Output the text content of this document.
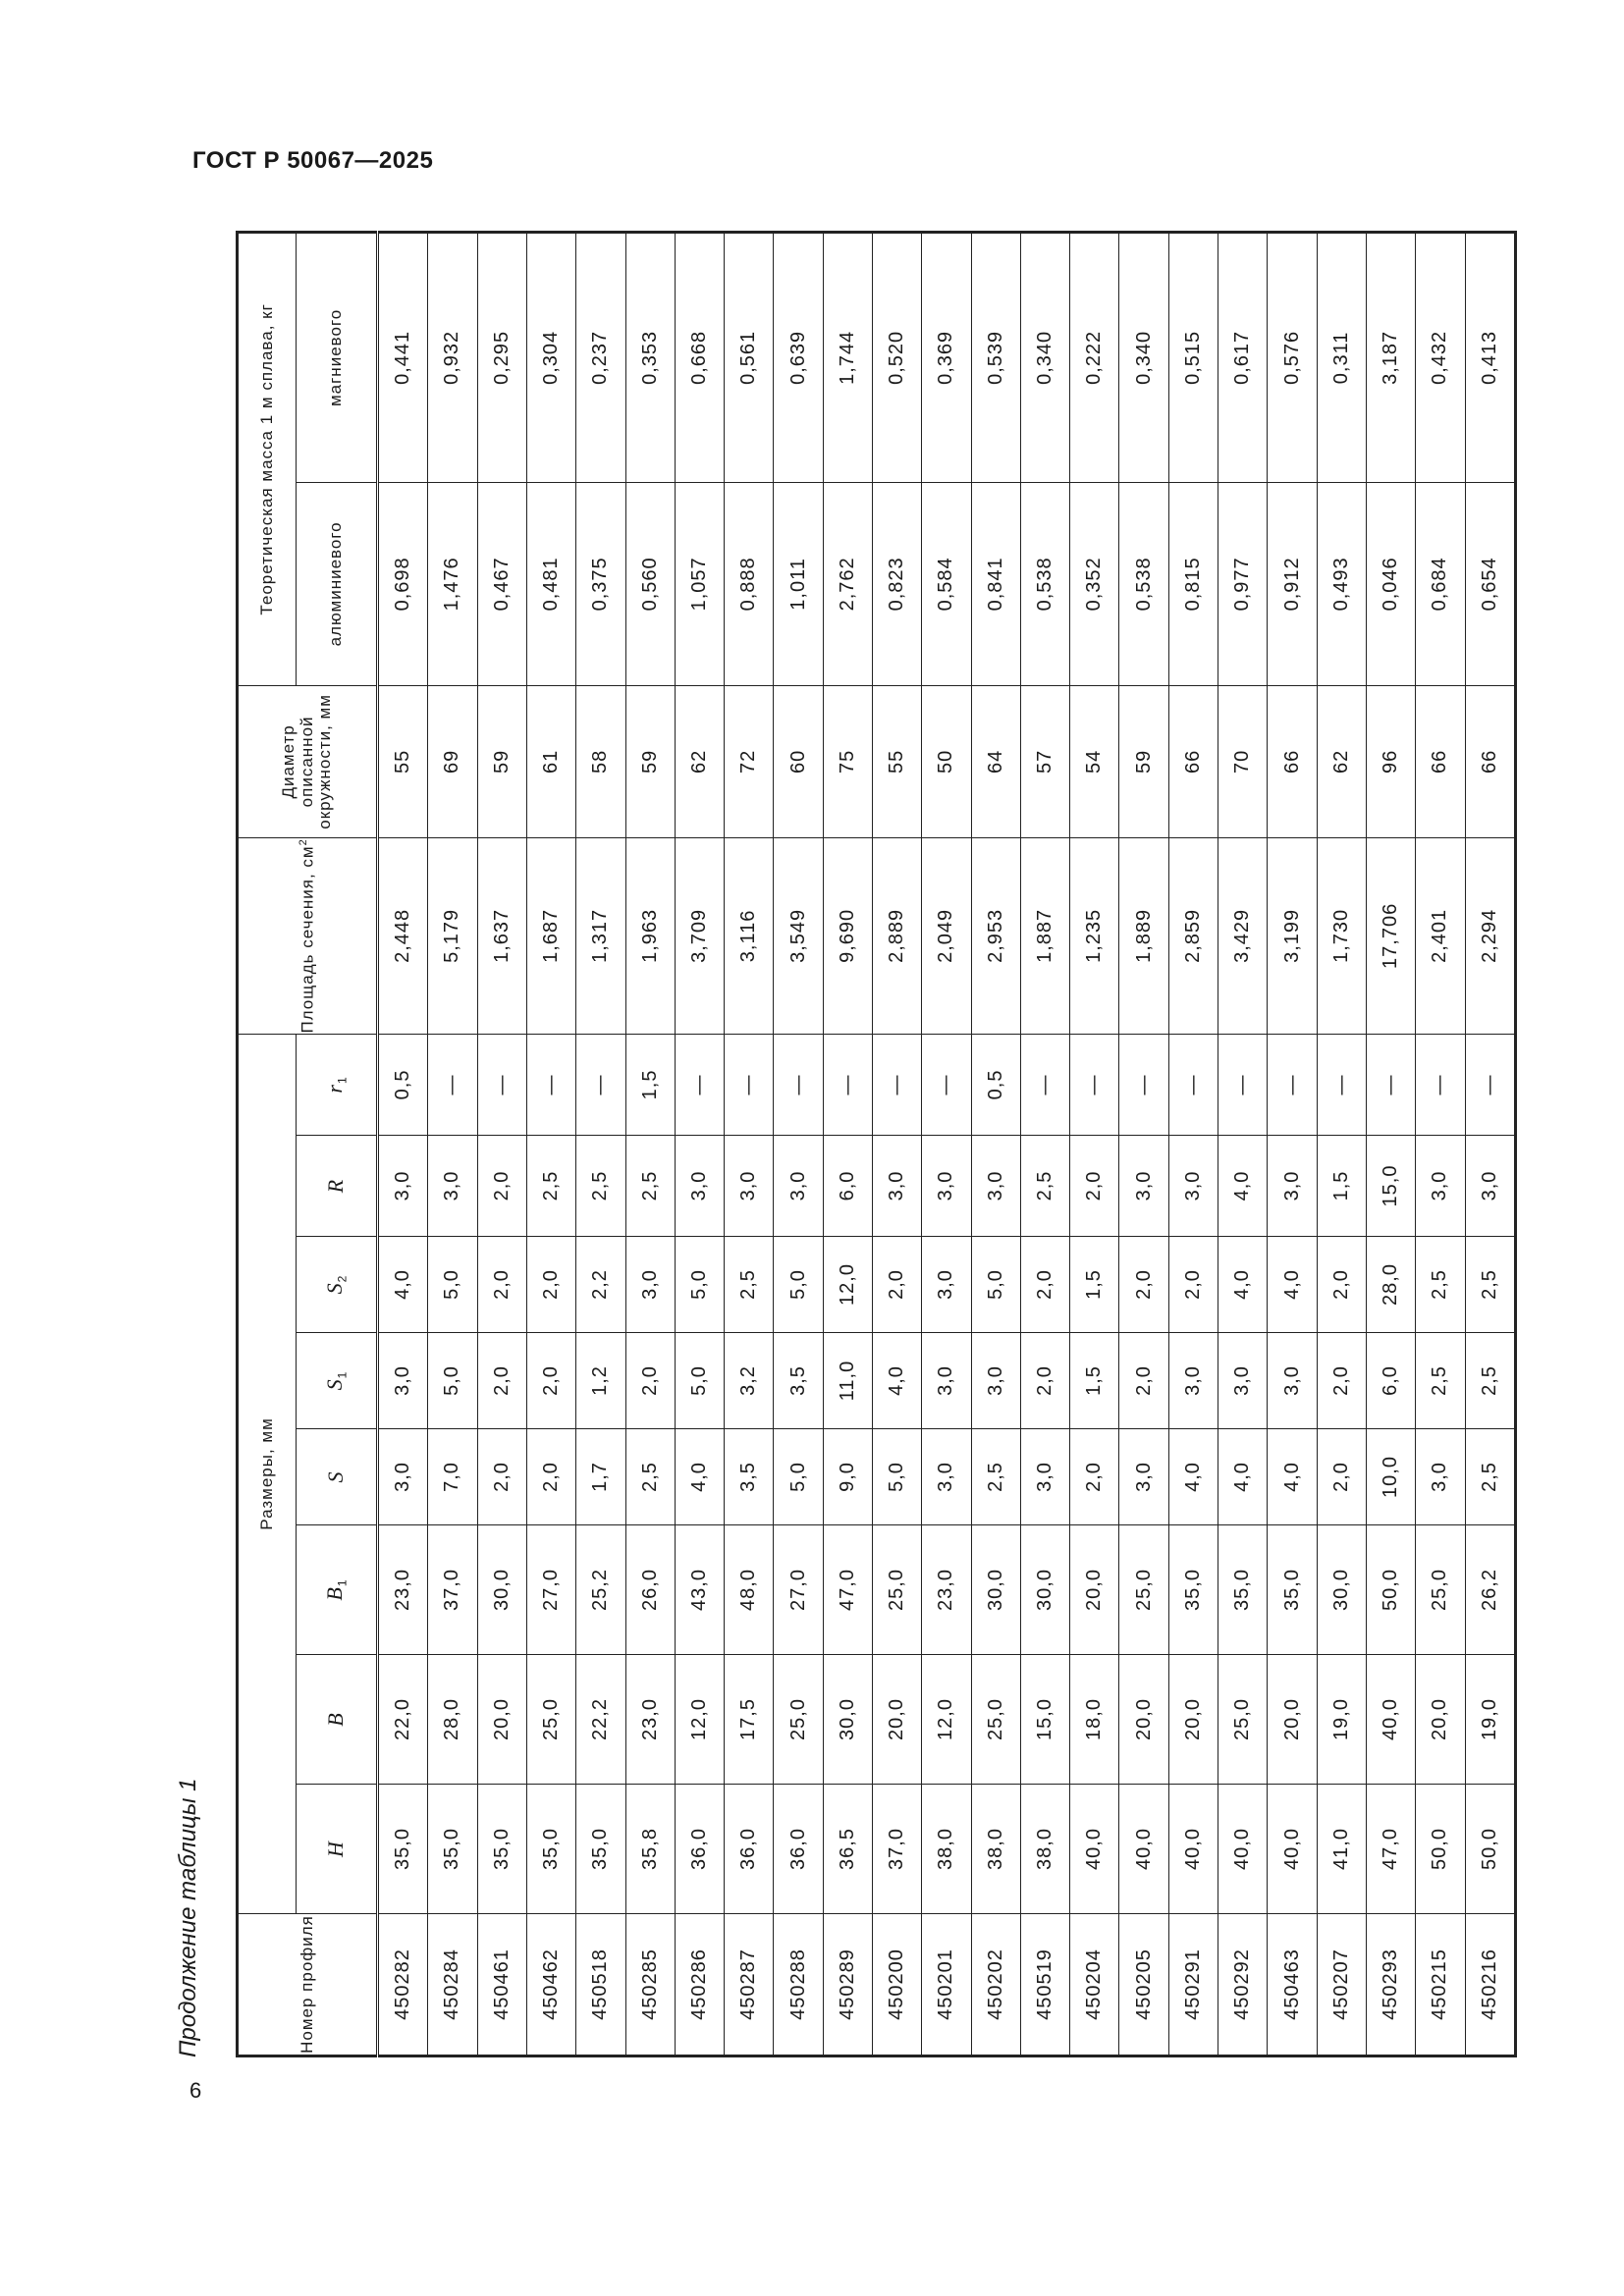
ГОСТ Р 50067—2025
Продолжение таблицы 1
6
Номер профиля	Размеры, мм								Площадь сечения, $см^2$	Диаметр описанной окружности, мм	Теоретическая масса 1 м сплава, кг	
	H	B	$B_1$	S	$S_1$	$S_2$	R	$r_1$			алюминиевого	магниевого
450282	35,0	22,0	23,0	3,0	3,0	4,0	3,0	0,5	2,448	55	0,698	0,441
450284	35,0	28,0	37,0	7,0	5,0	5,0	3,0	—	5,179	69	1,476	0,932
450461	35,0	20,0	30,0	2,0	2,0	2,0	2,0	—	1,637	59	0,467	0,295
450462	35,0	25,0	27,0	2,0	2,0	2,0	2,5	—	1,687	61	0,481	0,304
450518	35,0	22,2	25,2	1,7	1,2	2,2	2,5	—	1,317	58	0,375	0,237
450285	35,8	23,0	26,0	2,5	2,0	3,0	2,5	1,5	1,963	59	0,560	0,353
450286	36,0	12,0	43,0	4,0	5,0	5,0	3,0	—	3,709	62	1,057	0,668
450287	36,0	17,5	48,0	3,5	3,2	2,5	3,0	—	3,116	72	0,888	0,561
450288	36,0	25,0	27,0	5,0	3,5	5,0	3,0	—	3,549	60	1,011	0,639
450289	36,5	30,0	47,0	9,0	11,0	12,0	6,0	—	9,690	75	2,762	1,744
450200	37,0	20,0	25,0	5,0	4,0	2,0	3,0	—	2,889	55	0,823	0,520
450201	38,0	12,0	23,0	3,0	3,0	3,0	3,0	—	2,049	50	0,584	0,369
450202	38,0	25,0	30,0	2,5	3,0	5,0	3,0	0,5	2,953	64	0,841	0,539
450519	38,0	15,0	30,0	3,0	2,0	2,0	2,5	—	1,887	57	0,538	0,340
450204	40,0	18,0	20,0	2,0	1,5	1,5	2,0	—	1,235	54	0,352	0,222
450205	40,0	20,0	25,0	3,0	2,0	2,0	3,0	—	1,889	59	0,538	0,340
450291	40,0	20,0	35,0	4,0	3,0	2,0	3,0	—	2,859	66	0,815	0,515
450292	40,0	25,0	35,0	4,0	3,0	4,0	4,0	—	3,429	70	0,977	0,617
450463	40,0	20,0	35,0	4,0	3,0	4,0	3,0	—	3,199	66	0,912	0,576
450207	41,0	19,0	30,0	2,0	2,0	2,0	1,5	—	1,730	62	0,493	0,311
450293	47,0	40,0	50,0	10,0	6,0	28,0	15,0	—	17,706	96	0,046	3,187
450215	50,0	20,0	25,0	3,0	2,5	2,5	3,0	—	2,401	66	0,684	0,432
450216	50,0	19,0	26,2	2,5	2,5	2,5	3,0	—	2,294	66	0,654	0,413
